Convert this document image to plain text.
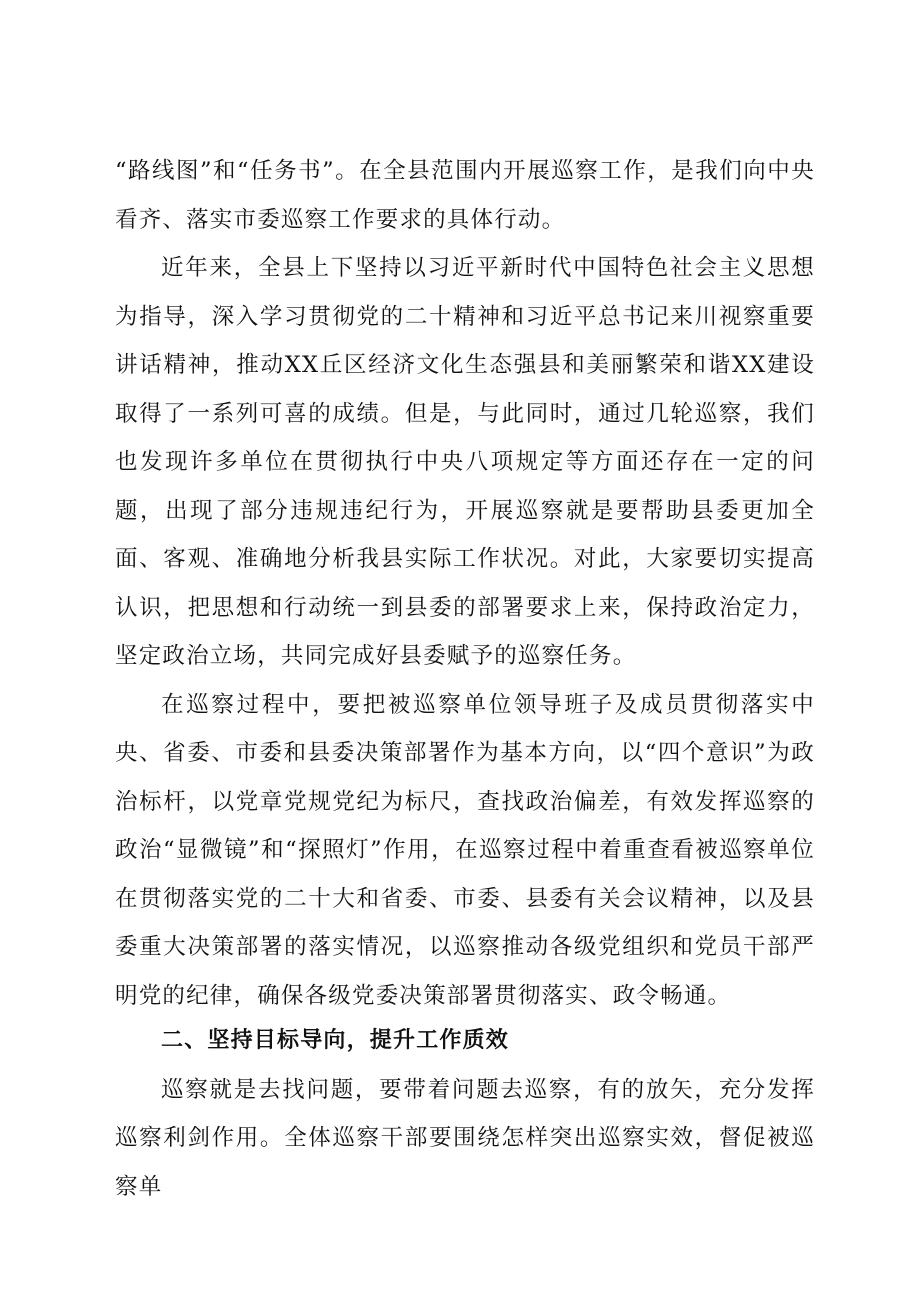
“路线图”和“任务书”。在全县范围内开展巡察工作，是我们向中央看齐、落实市委巡察工作要求的具体行动。

近年来，全县上下坚持以习近平新时代中国特色社会主义思想为指导，深入学习贯彻党的二十精神和习近平总书记来川视察重要讲话精神，推动XX丘区经济文化生态强县和美丽繁荣和谐XX建设取得了一系列可喜的成绩。但是，与此同时，通过几轮巡察，我们也发现许多单位在贯彻执行中央八项规定等方面还存在一定的问题，出现了部分违规违纪行为，开展巡察就是要帮助县委更加全面、客观、准确地分析我县实际工作状况。对此，大家要切实提高认识，把思想和行动统一到县委的部署要求上来，保持政治定力，坚定政治立场，共同完成好县委赋予的巡察任务。

在巡察过程中，要把被巡察单位领导班子及成员贯彻落实中央、省委、市委和县委决策部署作为基本方向，以“四个意识”为政治标杆，以党章党规党纪为标尺，查找政治偏差，有效发挥巡察的政治“显微镜”和“探照灯”作用，在巡察过程中着重查看被巡察单位在贯彻落实党的二十大和省委、市委、县委有关会议精神，以及县委重大决策部署的落实情况，以巡察推动各级党组织和党员干部严明党的纪律，确保各级党委决策部署贯彻落实、政令畅通。

二、坚持目标导向，提升工作质效

巡察就是去找问题，要带着问题去巡察，有的放矢，充分发挥巡察利剑作用。全体巡察干部要围绕怎样突出巡察实效，督促被巡察单
